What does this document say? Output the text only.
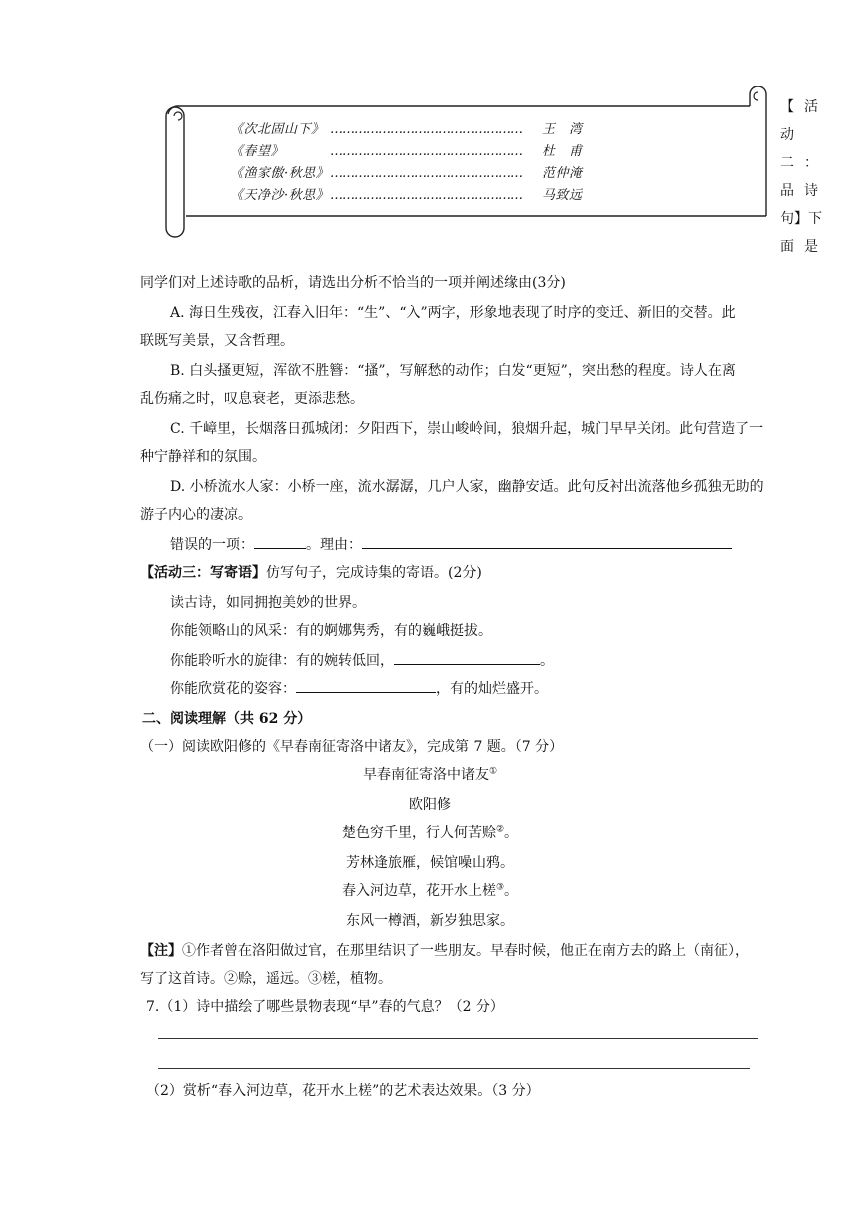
《次北固山下》 ………………………………………… 王　湾
《春望》	………………………………………… 杜　甫
《渔家傲·秋思》………………………………………… 范仲淹
《天净沙·秋思》………………………………………… 马致远
【
动
二
品
句
面
活
：
诗
】下
是
同学们对上述诗歌的品析，请选出分析不恰当的一项并阐述缘由(3分)
A. 海日生残夜，江春入旧年：“生”、“入”两字，形象地表现了时序的变迁、新旧的交替。此
联既写美景，又含哲理。
B. 白头搔更短，浑欲不胜簪：“搔”，写解愁的动作；白发“更短”，突出愁的程度。诗人在离
乱伤痛之时，叹息衰老，更添悲愁。
C. 千嶂里，长烟落日孤城闭：夕阳西下，崇山峻岭间，狼烟升起，城门早早关闭。此句营造了一
种宁静祥和的氛围。
D. 小桥流水人家：小桥一座，流水潺潺，几户人家，幽静安适。此句反衬出流落他乡孤独无助的
游子内心的凄凉。
错误的一项：	。理由：
【活动三：写寄语】仿写句子，完成诗集的寄语。(2分)
读古诗，如同拥抱美妙的世界。
你能领略山的风采：有的婀娜隽秀，有的巍峨挺拔。
你能聆听水的旋律：有的婉转低回，	。
你能欣赏花的姿容：	，有的灿烂盛开。
二、阅读理解（共 62 分）
（一）阅读欧阳修的《早春南征寄洛中诸友》，完成第 7 题。（7 分）
早春南征寄洛中诸友①
欧阳修
楚色穷千里，行人何苦赊②。
芳林逢旅雁，候馆噪山鸦。
春入河边草，花开水上槎③。
东风一樽酒，新岁独思家。
【注】①作者曾在洛阳做过官，在那里结识了一些朋友。早春时候，他正在南方去的路上（南征），
写了这首诗。②赊，遥远。③槎，植物。
7.（1）诗中描绘了哪些景物表现“早”春的气息？（2 分）
（2）赏析“春入河边草，花开水上槎”的艺术表达效果。（3 分）
